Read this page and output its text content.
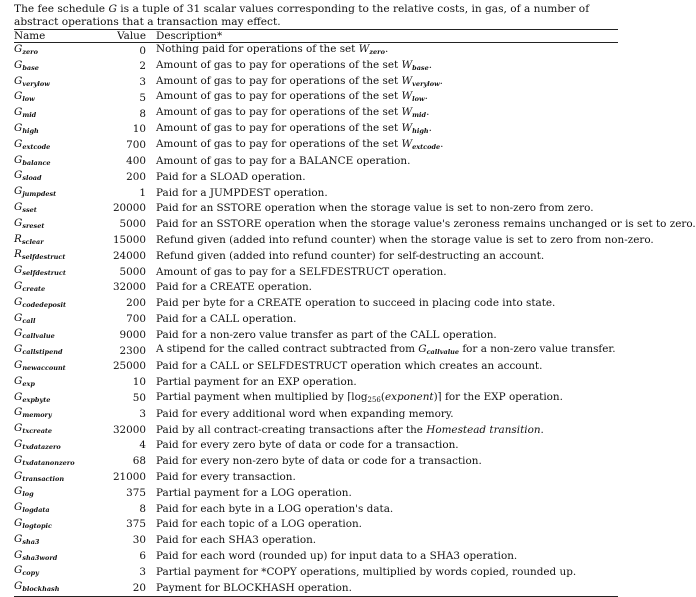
The fee schedule G is a tuple of 31 scalar values corresponding to the relative costs, in gas, of a number of abstract operations that a transaction may effect.

Name	Value	Description*
$G_{zero}$	0	Nothing paid for operations of the set $W_{zero}$.
$G_{base}$	2	Amount of gas to pay for operations of the set $W_{base}$.
$G_{verylow}$	3	Amount of gas to pay for operations of the set $W_{verylow}$.
$G_{low}$	5	Amount of gas to pay for operations of the set $W_{low}$.
$G_{mid}$	8	Amount of gas to pay for operations of the set $W_{mid}$.
$G_{high}$	10	Amount of gas to pay for operations of the set $W_{high}$.
$G_{extcode}$	700	Amount of gas to pay for operations of the set $W_{extcode}$.
$G_{balance}$	400	Amount of gas to pay for a BALANCE operation.
$G_{sload}$	200	Paid for a SLOAD operation.
$G_{jumpdest}$	1	Paid for a JUMPDEST operation.
$G_{sset}$	20000	Paid for an SSTORE operation when the storage value is set to non-zero from zero.
$G_{sreset}$	5000	Paid for an SSTORE operation when the storage value's zeroness remains unchanged or is set to zero.
$R_{sclear}$	15000	Refund given (added into refund counter) when the storage value is set to zero from non-zero.
$R_{selfdestruct}$	24000	Refund given (added into refund counter) for self-destructing an account.
$G_{selfdestruct}$	5000	Amount of gas to pay for a SELFDESTRUCT operation.
$G_{create}$	32000	Paid for a CREATE operation.
$G_{codedeposit}$	200	Paid per byte for a CREATE operation to succeed in placing code into state.
$G_{call}$	700	Paid for a CALL operation.
$G_{callvalue}$	9000	Paid for a non-zero value transfer as part of the CALL operation.
$G_{callstipend}$	2300	A stipend for the called contract subtracted from $G_{callvalue}$ for a non-zero value transfer.
$G_{newaccount}$	25000	Paid for a CALL or SELFDESTRUCT operation which creates an account.
$G_{exp}$	10	Partial payment for an EXP operation.
$G_{expbyte}$	50	Partial payment when multiplied by $⌈\log_{256}(exponent)⌉$ for the EXP operation.
$G_{memory}$	3	Paid for every additional word when expanding memory.
$G_{txcreate}$	32000	Paid by all contract-creating transactions after the Homestead transition.
$G_{txdatazero}$	4	Paid for every zero byte of data or code for a transaction.
$G_{txdatanonzero}$	68	Paid for every non-zero byte of data or code for a transaction.
$G_{transaction}$	21000	Paid for every transaction.
$G_{log}$	375	Partial payment for a LOG operation.
$G_{logdata}$	8	Paid for each byte in a LOG operation's data.
$G_{logtopic}$	375	Paid for each topic of a LOG operation.
$G_{sha3}$	30	Paid for each SHA3 operation.
$G_{sha3word}$	6	Paid for each word (rounded up) for input data to a SHA3 operation.
$G_{copy}$	3	Partial payment for *COPY operations, multiplied by words copied, rounded up.
$G_{blockhash}$	20	Payment for BLOCKHASH operation.
